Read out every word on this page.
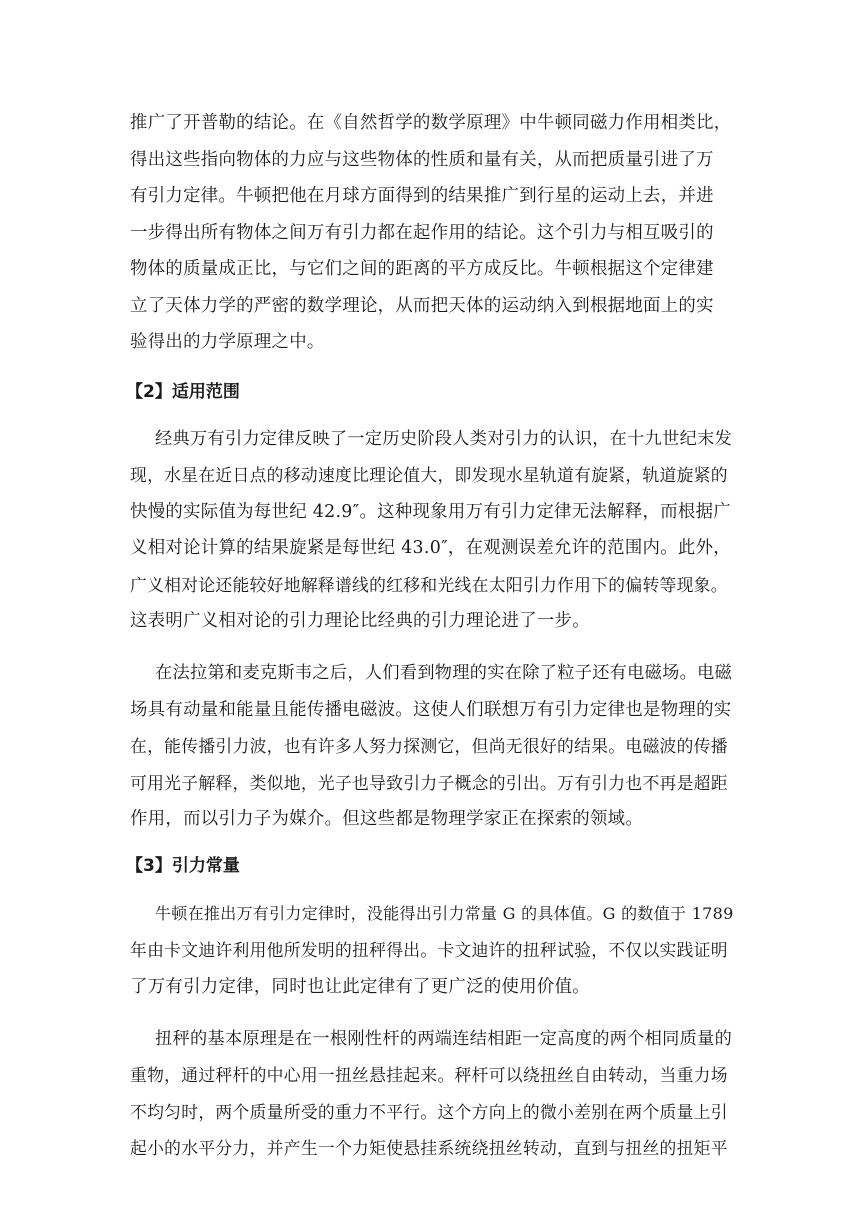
推广了开普勒的结论。在《自然哲学的数学原理》中牛顿同磁力作用相类比，
得出这些指向物体的力应与这些物体的性质和量有关，从而把质量引进了万
有引力定律。牛顿把他在月球方面得到的结果推广到行星的运动上去，并进
一步得出所有物体之间万有引力都在起作用的结论。这个引力与相互吸引的
物体的质量成正比，与它们之间的距离的平方成反比。牛顿根据这个定律建
立了天体力学的严密的数学理论，从而把天体的运动纳入到根据地面上的实
验得出的力学原理之中。
【2】适用范围
经典万有引力定律反映了一定历史阶段人类对引力的认识，在十九世纪末发
现，水星在近日点的移动速度比理论值大，即发现水星轨道有旋紧，轨道旋紧的
快慢的实际值为每世纪 42.9″。这种现象用万有引力定律无法解释，而根据广
义相对论计算的结果旋紧是每世纪 43.0″，在观测误差允许的范围内。此外，
广义相对论还能较好地解释谱线的红移和光线在太阳引力作用下的偏转等现象。
这表明广义相对论的引力理论比经典的引力理论进了一步。
在法拉第和麦克斯韦之后，人们看到物理的实在除了粒子还有电磁场。电磁
场具有动量和能量且能传播电磁波。这使人们联想万有引力定律也是物理的实
在，能传播引力波，也有许多人努力探测它，但尚无很好的结果。电磁波的传播
可用光子解释，类似地，光子也导致引力子概念的引出。万有引力也不再是超距
作用，而以引力子为媒介。但这些都是物理学家正在探索的领域。
【3】引力常量
牛顿在推出万有引力定律时，没能得出引力常量 G 的具体值。G 的数值于 1789
年由卡文迪许利用他所发明的扭秤得出。卡文迪许的扭秤试验，不仅以实践证明
了万有引力定律，同时也让此定律有了更广泛的使用价值。
扭秤的基本原理是在一根刚性杆的两端连结相距一定高度的两个相同质量的
重物，通过秤杆的中心用一扭丝悬挂起来。秤杆可以绕扭丝自由转动，当重力场
不均匀时，两个质量所受的重力不平行。这个方向上的微小差别在两个质量上引
起小的水平分力，并产生一个力矩使悬挂系统绕扭丝转动，直到与扭丝的扭矩平
